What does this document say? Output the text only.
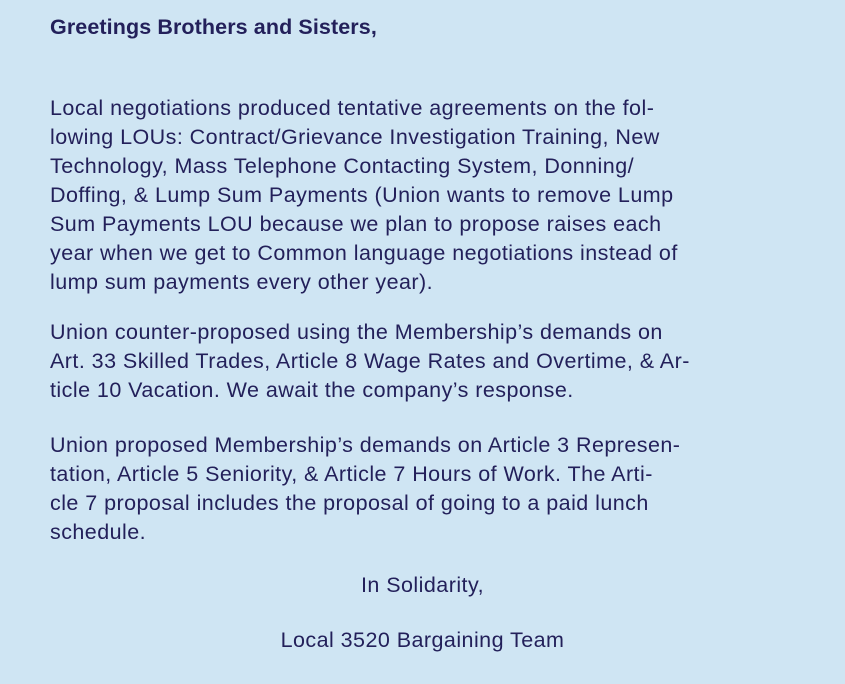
Greetings Brothers and Sisters,

Local negotiations produced tentative agreements on the fol-
lowing LOUs: Contract/Grievance Investigation Training, New
Technology, Mass Telephone Contacting System, Donning/
Doffing, & Lump Sum Payments (Union wants to remove Lump
Sum Payments LOU because we plan to propose raises each
year when we get to Common language negotiations instead of
lump sum payments every other year).

Union counter-proposed using the Membership’s demands on
Art. 33 Skilled Trades, Article 8 Wage Rates and Overtime, & Ar-
ticle 10 Vacation. We await the company’s response.

Union proposed Membership’s demands on Article 3 Represen-
tation, Article 5 Seniority, & Article 7 Hours of Work. The Arti-
cle 7 proposal includes the proposal of going to a paid lunch
schedule.

In Solidarity,

Local 3520 Bargaining Team
